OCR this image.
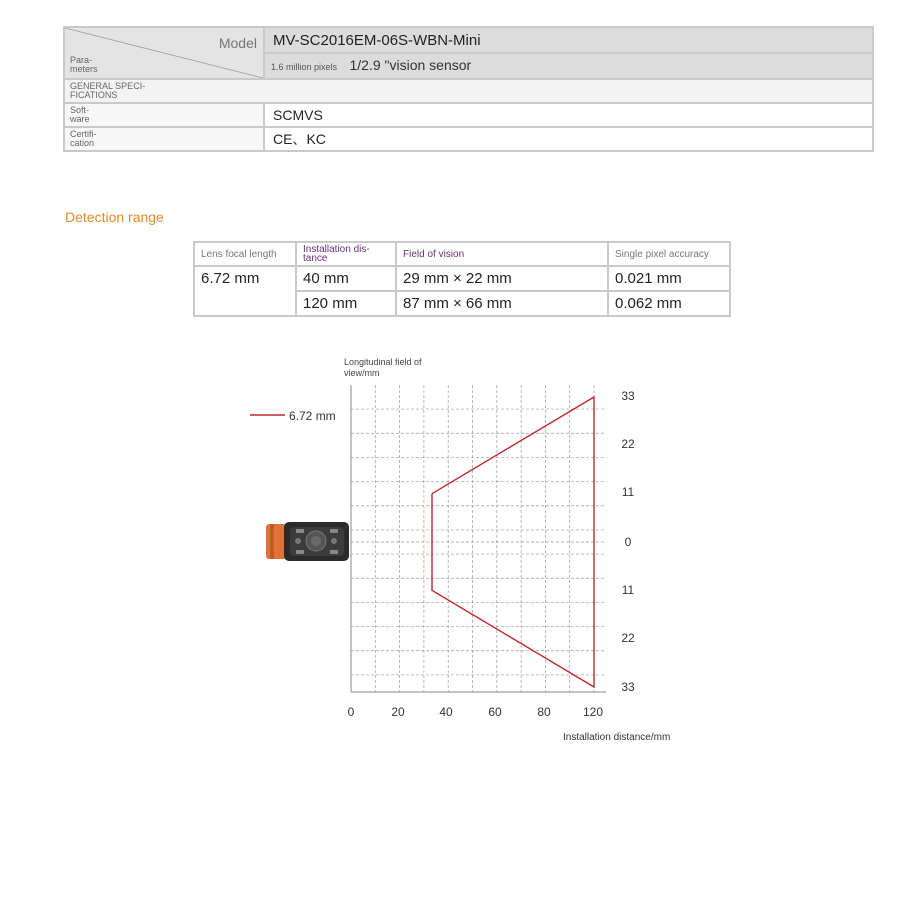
Model
Para-
meters	MV-SC2016EM-06S-WBN-Mini
	1.6 million pixels 1/2.9 "vision sensor
GENERAL SPECI-
FICATIONS	
Soft-
ware	SCMVS
Certifi-
cation	CE、KC
Detection range
Lens focal length	Installation dis-
tance	Field of vision	Single pixel accuracy
6.72 mm	40 mm	29 mm × 22 mm	0.021 mm
	120 mm	87 mm × 66 mm	0.062 mm
0	20	40	60	80	120
33
22
11
0
11
22
33
6.72 mm
Longitudinal field of
view/mm
Installation distance/mm
